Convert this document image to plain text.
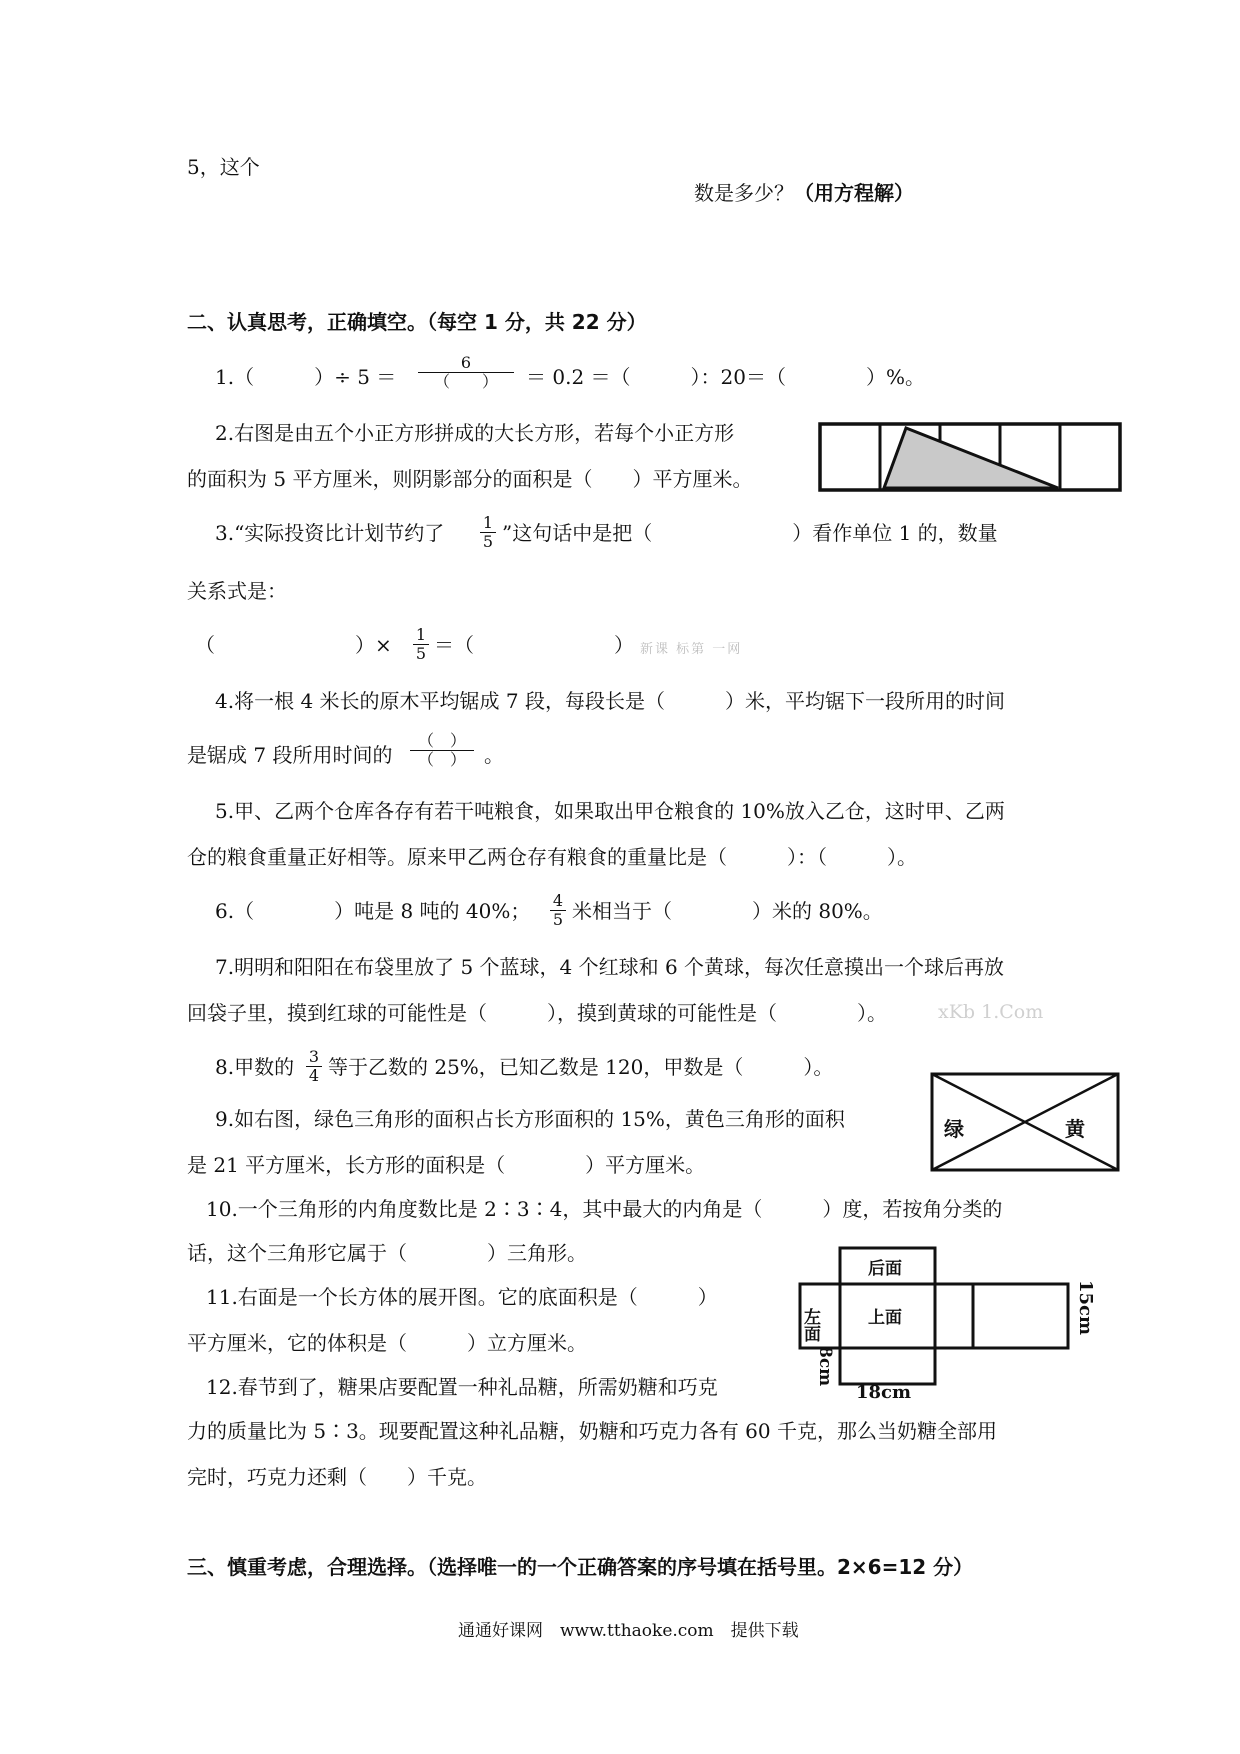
5，这个
数是多少？（用方程解）
二、认真思考，正确填空。（每空 1 分，共 22 分）
1.（　　　）÷ 5 ＝
6
（　　）	＝ 0.2 ＝（　　　）：20＝（　　　　）%。
2.右图是由五个小正方形拼成的大长方形，若每个小正方形
的面积为 5 平方厘米，则阴影部分的面积是（　　）平方厘米。
3.“实际投资比计划节约了 $\frac{1}{5}$ ”这句话中是把（　　　　　　　）看作单位 1 的，数量
关系式是：
（　　　　　　　）× $\frac{1}{5}$ ＝（　　　　　　　） 新课 标第 一网
4.将一根 4 米长的原木平均锯成 7 段，每段长是（　　　）米，平均锯下一段所用的时间
是锯成 7 段所用时间的
（　）
（　） 。
5.甲、乙两个仓库各存有若干吨粮食，如果取出甲仓粮食的 10%放入乙仓，这时甲、乙两
仓的粮食重量正好相等。原来甲乙两仓存有粮食的重量比是（　　　）：（　　　）。
6.（　　　　）吨是 8 吨的 40%； $\frac{4}{5}$ 米相当于（　　　　）米的 80%。
7.明明和阳阳在布袋里放了 5 个蓝球，4 个红球和 6 个黄球，每次任意摸出一个球后再放
回袋子里，摸到红球的可能性是（　　　），摸到黄球的可能性是（　　　　）。	xKb 1.Com
8.甲数的 $\frac{3}{4}$ 等于乙数的 25%，已知乙数是 120，甲数是（　　　）。
9.如右图，绿色三角形的面积占长方形面积的 15%，黄色三角形的面积
是 21 平方厘米，长方形的面积是（　　　　）平方厘米。
绿	黄
10.一个三角形的内角度数比是 2∶3∶4，其中最大的内角是（　　　）度，若按角分类的
话，这个三角形它属于（　　　　）三角形。
11.右面是一个长方体的展开图。它的底面积是（　　　）
平方厘米，它的体积是（　　　）立方厘米。
后面
上面
左面	15cm
8cm
18cm
12.春节到了，糖果店要配置一种礼品糖，所需奶糖和巧克
力的质量比为 5∶3。现要配置这种礼品糖，奶糖和巧克力各有 60 千克，那么当奶糖全部用
完时，巧克力还剩（　　）千克。
三、慎重考虑，合理选择。（选择唯一的一个正确答案的序号填在括号里。2×6=12 分）
通通好课网　www.tthaoke.com　提供下载
